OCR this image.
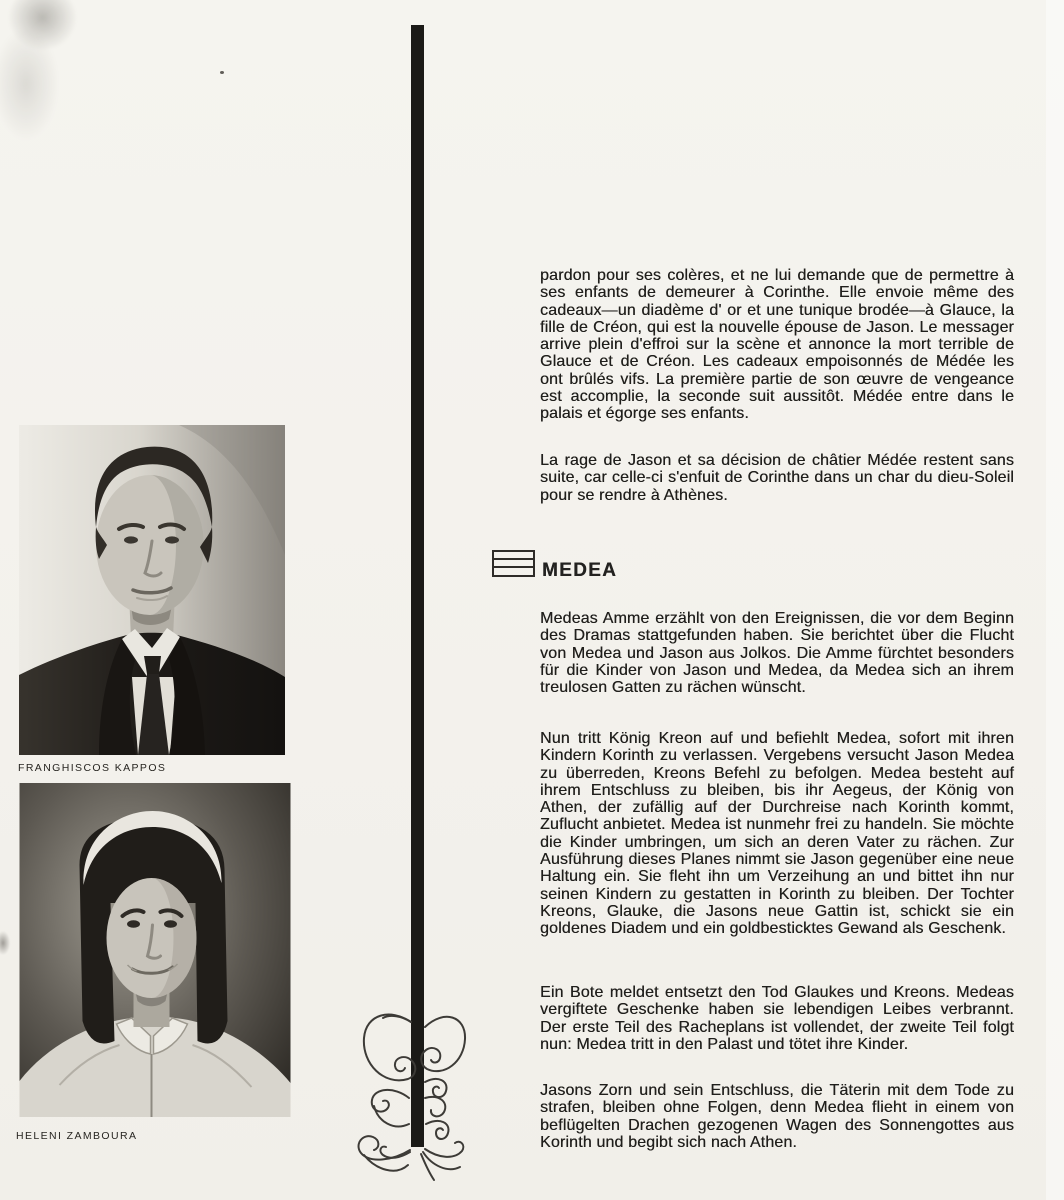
FRANGHISCOS KAPPOS
HELENI ZAMBOURA
pardon pour ses colères, et ne lui demande que de permettre à ses enfants de demeurer à Corinthe. Elle envoie même des cadeaux—un diadème d' or et une tunique brodée—à Glauce, la fille de Créon, qui est la nouvelle épouse de Jason. Le messager arrive plein d'effroi sur la scène et annonce la mort terrible de Glauce et de Créon. Les cadeaux empoisonnés de Médée les ont brûlés vifs. La première partie de son œuvre de vengeance est accomplie, la seconde suit aussitôt. Médée entre dans le palais et égorge ses enfants.
La rage de Jason et sa décision de châtier Médée restent sans suite, car celle-ci s'enfuit de Corinthe dans un char du dieu-Soleil pour se rendre à Athènes.
MEDEA
Medeas Amme erzählt von den Ereignissen, die vor dem Beginn des Dramas stattgefunden haben. Sie berichtet über die Flucht von Medea und Jason aus Jolkos. Die Amme fürchtet besonders für die Kinder von Jason und Medea, da Medea sich an ihrem treulosen Gatten zu rächen wünscht.
Nun tritt König Kreon auf und befiehlt Medea, sofort mit ihren Kindern Korinth zu verlassen. Vergebens versucht Jason Medea zu überreden, Kreons Befehl zu befolgen. Medea besteht auf ihrem Entschluss zu bleiben, bis ihr Aegeus, der König von Athen, der zufällig auf der Durchreise nach Korinth kommt, Zuflucht anbietet. Medea ist nunmehr frei zu handeln. Sie möchte die Kinder umbringen, um sich an deren Vater zu rächen. Zur Ausführung dieses Planes nimmt sie Jason gegenüber eine neue Haltung ein. Sie fleht ihn um Verzeihung an und bittet ihn nur seinen Kindern zu gestatten in Korinth zu bleiben. Der Tochter Kreons, Glauke, die Jasons neue Gattin ist, schickt sie ein goldenes Diadem und ein goldbesticktes Gewand als Geschenk.
Ein Bote meldet entsetzt den Tod Glaukes und Kreons. Medeas vergiftete Geschenke haben sie lebendigen Leibes verbrannt. Der erste Teil des Racheplans ist vollendet, der zweite Teil folgt nun: Medea tritt in den Palast und tötet ihre Kinder.
Jasons Zorn und sein Entschluss, die Täterin mit dem Tode zu strafen, bleiben ohne Folgen, denn Medea flieht in einem von beflügelten Drachen gezogenen Wagen des Sonnengottes aus Korinth und begibt sich nach Athen.
